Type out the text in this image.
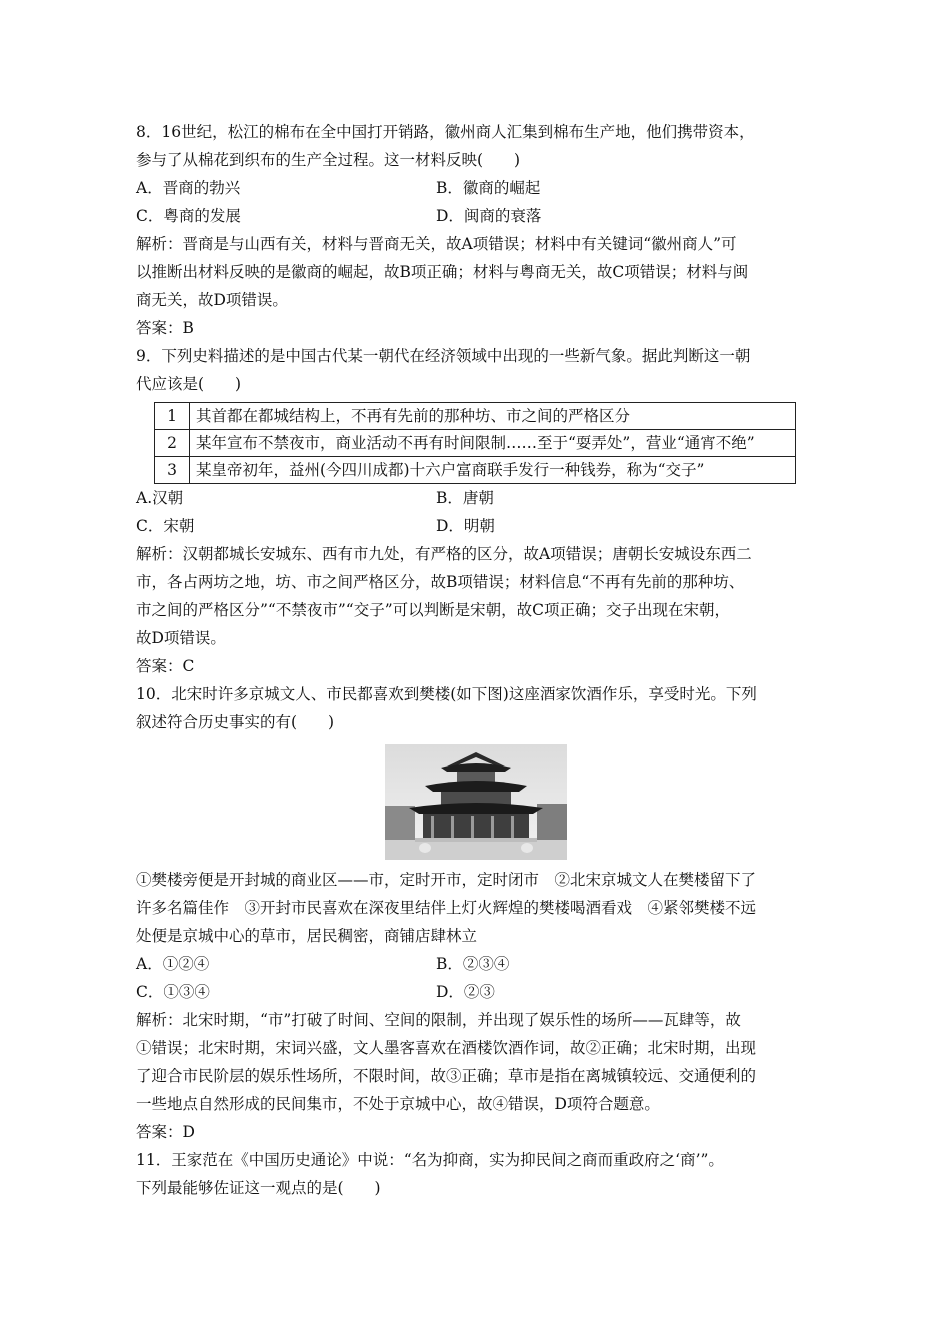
8．16世纪，松江的棉布在全中国打开销路，徽州商人汇集到棉布生产地，他们携带资本，
参与了从棉花到织布的生产全过程。这一材料反映(　　)
A．晋商的勃兴	B．徽商的崛起
C．粤商的发展	D．闽商的衰落
解析：晋商是与山西有关，材料与晋商无关，故A项错误；材料中有关键词“徽州商人”可
以推断出材料反映的是徽商的崛起，故B项正确；材料与粤商无关，故C项错误；材料与闽
商无关，故D项错误。
答案：B
9．下列史料描述的是中国古代某一朝代在经济领域中出现的一些新气象。据此判断这一朝
代应该是(　　)
1	其首都在都城结构上，不再有先前的那种坊、市之间的严格区分
2	某年宣布不禁夜市，商业活动不再有时间限制……至于“耍弄处”，营业“通宵不绝”
3	某皇帝初年，益州(今四川成都)十六户富商联手发行一种钱券，称为“交子”
A.汉朝	B．唐朝
C．宋朝	D．明朝
解析：汉朝都城长安城东、西有市九处，有严格的区分，故A项错误；唐朝长安城设东西二
市，各占两坊之地，坊、市之间严格区分，故B项错误；材料信息“不再有先前的那种坊、
市之间的严格区分”“不禁夜市”“交子”可以判断是宋朝，故C项正确；交子出现在宋朝，
故D项错误。
答案：C
10．北宋时许多京城文人、市民都喜欢到樊楼(如下图)这座酒家饮酒作乐，享受时光。下列
叙述符合历史事实的有(　　)
①樊楼旁便是开封城的商业区——市，定时开市，定时闭市　②北宋京城文人在樊楼留下了
许多名篇佳作　③开封市民喜欢在深夜里结伴上灯火辉煌的樊楼喝酒看戏　④紧邻樊楼不远
处便是京城中心的草市，居民稠密，商铺店肆林立
A．①②④	B．②③④
C．①③④	D．②③
解析：北宋时期，“市”打破了时间、空间的限制，并出现了娱乐性的场所——瓦肆等，故
①错误；北宋时期，宋词兴盛，文人墨客喜欢在酒楼饮酒作词，故②正确；北宋时期，出现
了迎合市民阶层的娱乐性场所，不限时间，故③正确；草市是指在离城镇较远、交通便利的
一些地点自然形成的民间集市，不处于京城中心，故④错误，D项符合题意。
答案：D
11．王家范在《中国历史通论》中说：“名为抑商，实为抑民间之商而重政府之‘商’”。
下列最能够佐证这一观点的是(　　)
